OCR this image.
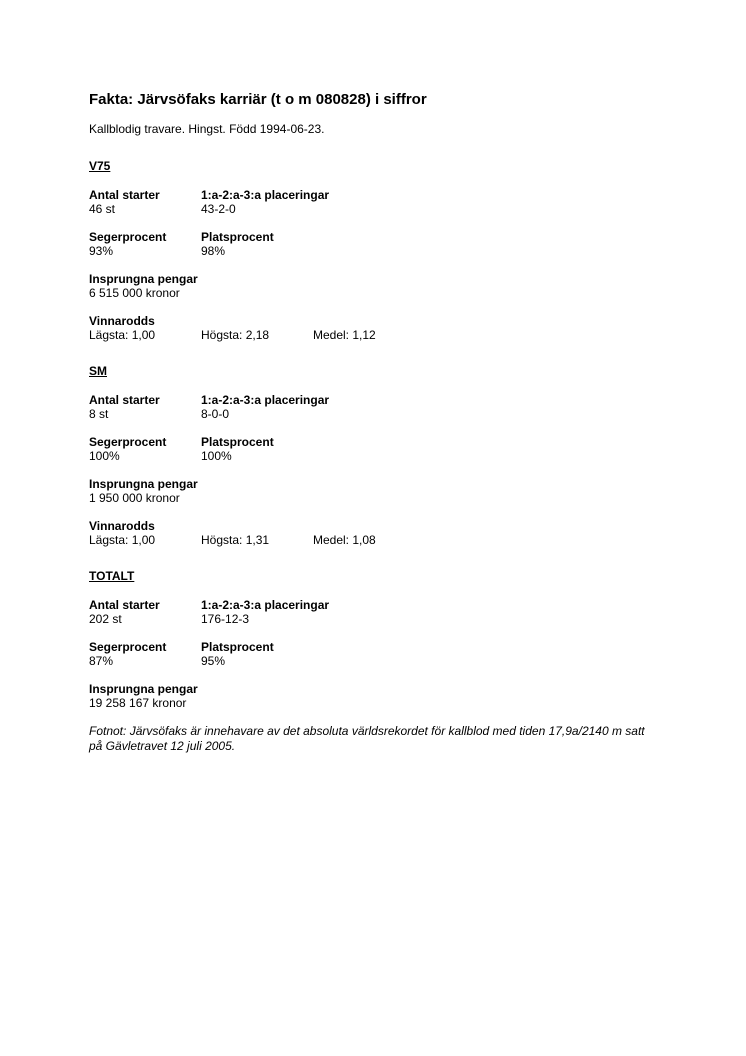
Fakta: Järvsöfaks karriär (t o m 080828) i siffror

Kallblodig travare. Hingst. Född 1994-06-23.

V75

Antal starter	1:a-2:a-3:a placeringar
46 st	43-2-0
Segerprocent	Platsprocent
93%	98%
Insprungna pengar
6 515 000 kronor
Vinnarodds
Lägsta: 1,00	Högsta: 2,18	Medel: 1,12

SM

Antal starter	1:a-2:a-3:a placeringar
8 st	8-0-0
Segerprocent	Platsprocent
100%	100%
Insprungna pengar
1 950 000 kronor
Vinnarodds
Lägsta: 1,00	Högsta: 1,31	Medel: 1,08

TOTALT

Antal starter	1:a-2:a-3:a placeringar
202 st	176-12-3
Segerprocent	Platsprocent
87%	95%
Insprungna pengar
19 258 167 kronor

Fotnot: Järvsöfaks är innehavare av det absoluta världsrekordet för kallblod med tiden 17,9a/2140 m satt på Gävletravet 12 juli 2005.
